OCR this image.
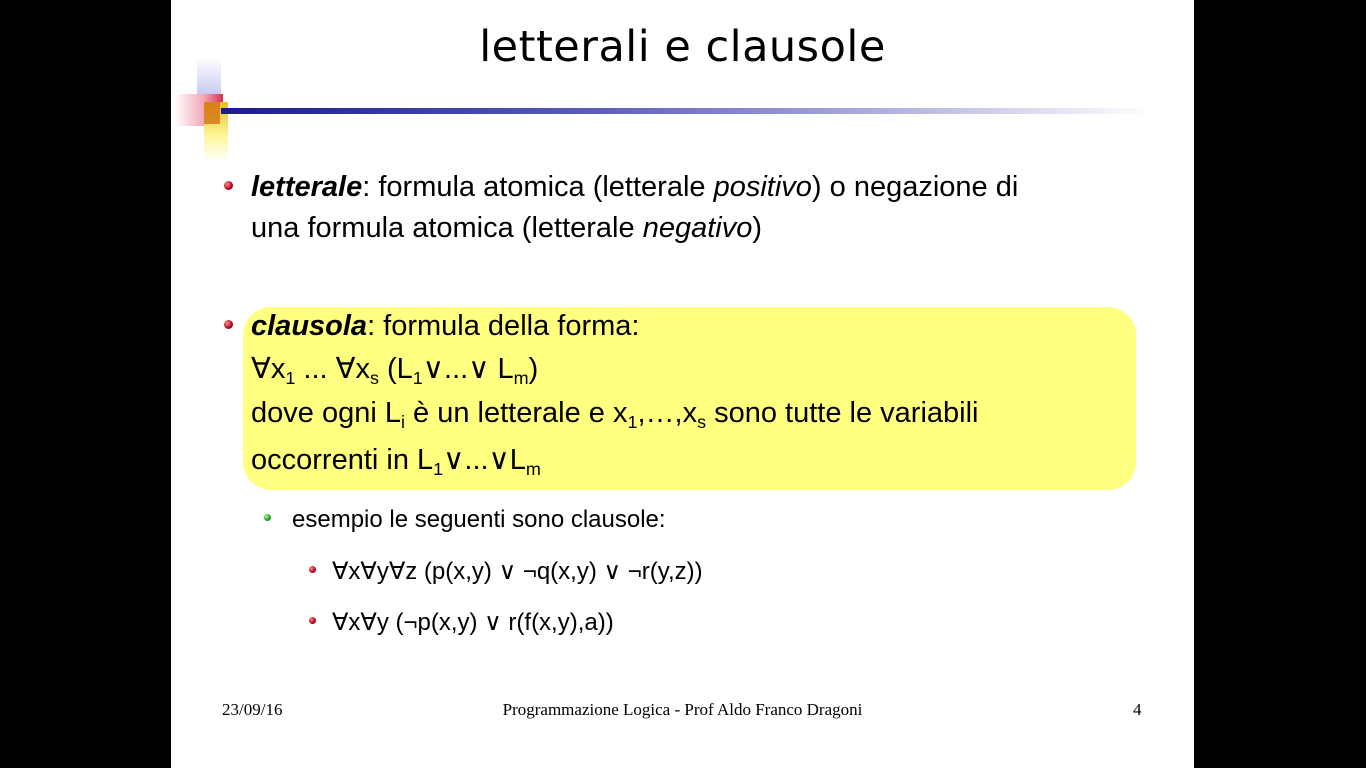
letterali e clausole
letterale: formula atomica (letterale positivo) o negazione di
una formula atomica (letterale negativo)
clausola: formula della forma:
$\forall x_1$ ... $\forall x_s$ ($L_1\vee...\vee$ $L_m$)
dove ogni $L_i$ è un letterale e $x_1,\dots,x_s$ sono tutte le variabili
occorrenti in $L_1\vee...\vee L_m$
esempio le seguenti sono clausole:
∀x∀y∀z (p(x,y) ∨ ¬q(x,y) ∨ ¬r(y,z))
∀x∀y (¬p(x,y) ∨ r(f(x,y),a))
23/09/16	Programmazione Logica - Prof Aldo Franco Dragoni	4
